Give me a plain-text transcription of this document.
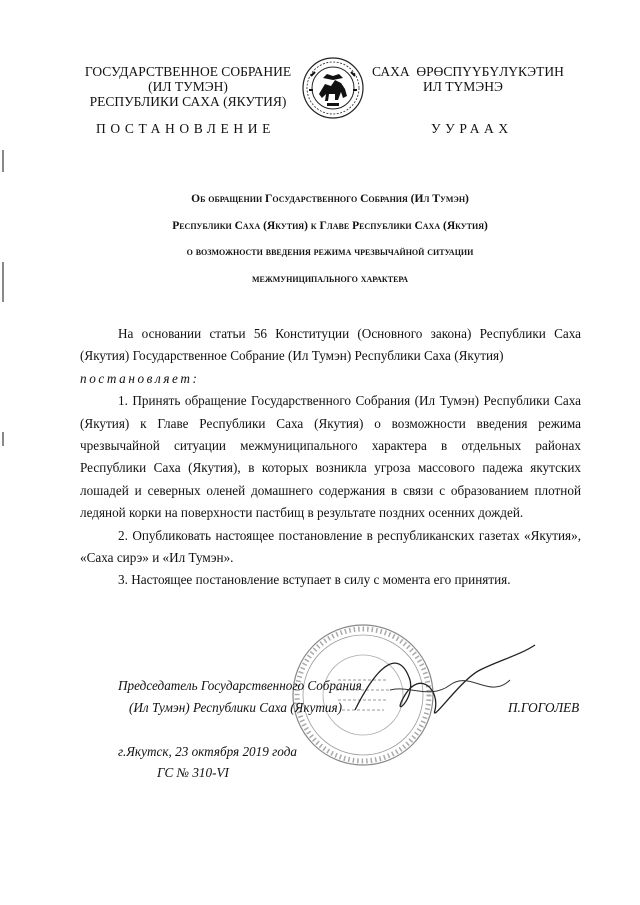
ГОСУДАРСТВЕННОЕ СОБРАНИЕ
(ИЛ ТУМЭН)
РЕСПУБЛИКИ САХА (ЯКУТИЯ)
САХА  ӨРӨСПҮҮБҮЛҮКЭТИН
ИЛ ТҮМЭНЭ
ПОСТАНОВЛЕНИЕ	УУРААХ
Об обращении Государственного Собрания (Ил Тумэн)
Республики Саха (Якутия) к Главе Республики Саха (Якутия)
о возможности введения режима чрезвычайной ситуации
межмуниципального характера

На основании статьи 56 Конституции (Основного закона) Республики Саха (Якутия) Государственное Собрание (Ил Тумэн) Республики Саха (Якутия)

постановляет:

1. Принять обращение Государственного Собрания (Ил Тумэн) Республики Саха (Якутия) к Главе Республики Саха (Якутия) о возможности введения режима чрезвычайной ситуации межмуниципального характера в отдельных районах Республики Саха (Якутия), в которых возникла угроза массового падежа якутских лошадей и северных оленей домашнего содержания в связи с образованием плотной ледяной корки на поверхности пастбищ в результате поздних осенних дождей.

2. Опубликовать настоящее постановление в республиканских газетах «Якутия», «Саха сирэ» и «Ил Тумэн».

3. Настоящее постановление вступает в силу с момента его принятия.

Председатель Государственного Собрания
(Ил Тумэн) Республики Саха (Якутия)	П.ГОГОЛЕВ
г.Якутск, 23 октября 2019 года
ГС № 310-VI
